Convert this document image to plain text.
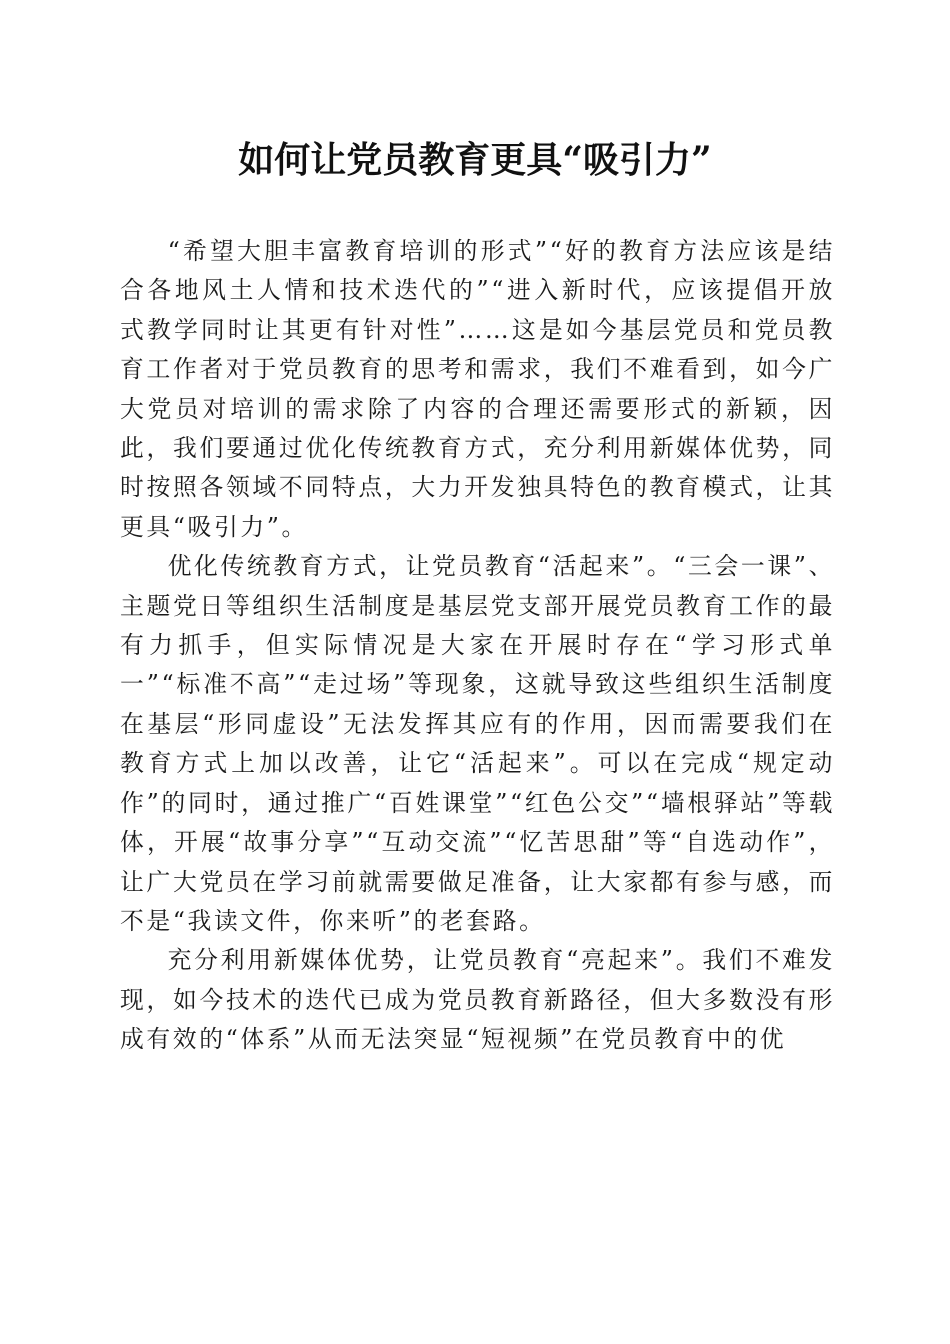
如何让党员教育更具“吸引力”

“希望大胆丰富教育培训的形式”“好的教育方法应该是结合各地风土人情和技术迭代的”“进入新时代，应该提倡开放式教学同时让其更有针对性”……这是如今基层党员和党员教育工作者对于党员教育的思考和需求，我们不难看到，如今广大党员对培训的需求除了内容的合理还需要形式的新颖，因此，我们要通过优化传统教育方式，充分利用新媒体优势，同时按照各领域不同特点，大力开发独具特色的教育模式，让其更具“吸引力”。

优化传统教育方式，让党员教育“活起来”。“三会一课”、主题党日等组织生活制度是基层党支部开展党员教育工作的最有力抓手，但实际情况是大家在开展时存在“学习形式单一”“标准不高”“走过场”等现象，这就导致这些组织生活制度在基层“形同虚设”无法发挥其应有的作用，因而需要我们在教育方式上加以改善，让它“活起来”。可以在完成“规定动作”的同时，通过推广“百姓课堂”“红色公交”“墙根驿站”等载体，开展“故事分享”“互动交流”“忆苦思甜”等“自选动作”，让广大党员在学习前就需要做足准备，让大家都有参与感，而不是“我读文件，你来听”的老套路。

充分利用新媒体优势，让党员教育“亮起来”。我们不难发现，如今技术的迭代已成为党员教育新路径，但大多数没有形成有效的“体系”从而无法突显“短视频”在党员教育中的优
